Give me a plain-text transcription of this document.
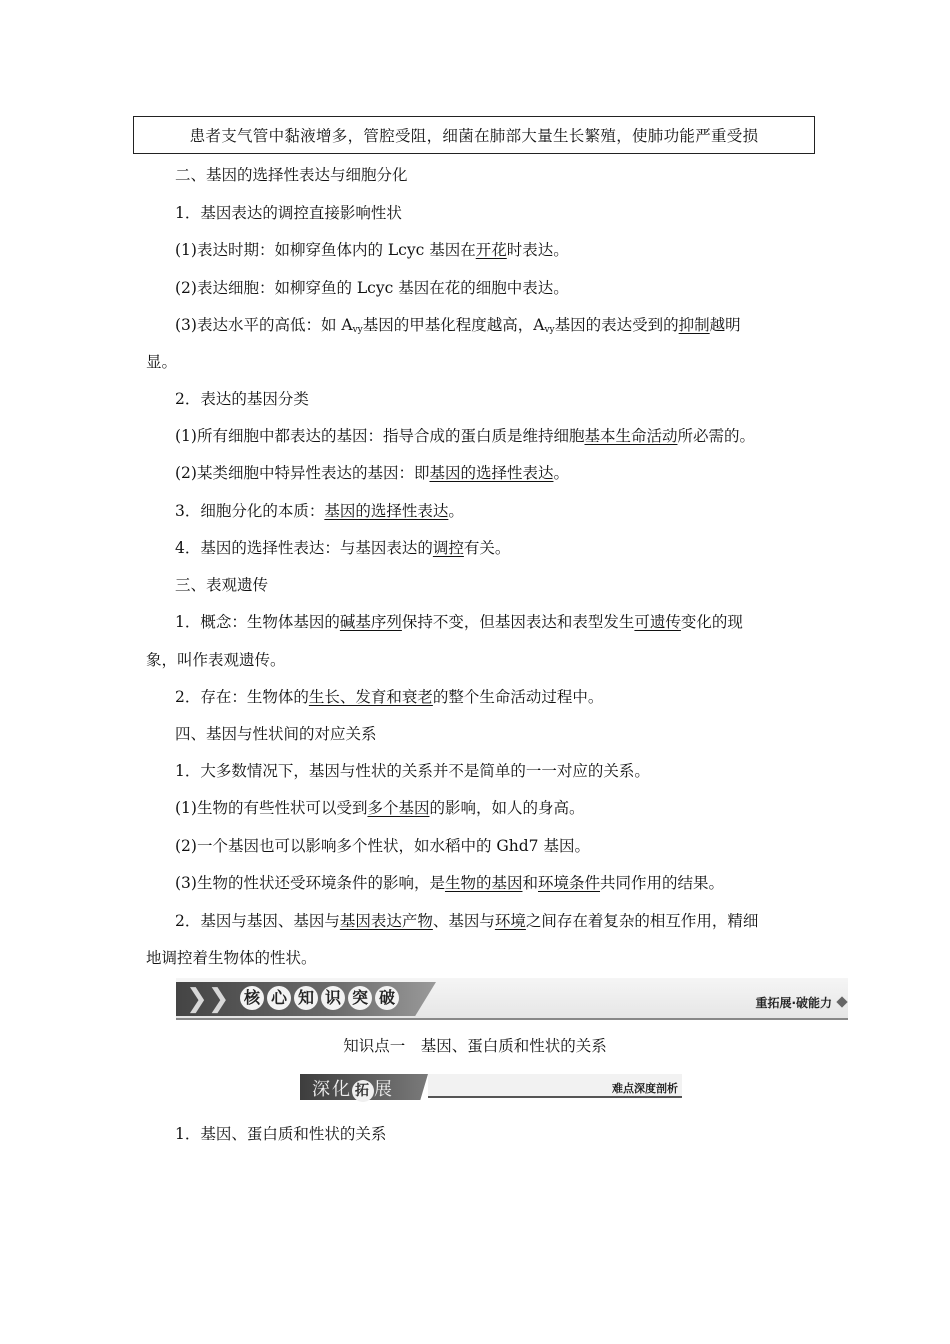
患者支气管中黏液增多，管腔受阻，细菌在肺部大量生长繁殖，使肺功能严重受损
二、基因的选择性表达与细胞分化
1．基因表达的调控直接影响性状
(1)表达时期：如柳穿鱼体内的 Lcyc 基因在开花时表达。
(2)表达细胞：如柳穿鱼的 Lcyc 基因在花的细胞中表达。
(3)表达水平的高低：如 Avy基因的甲基化程度越高，Avy基因的表达受到的抑制越明
显。
2．表达的基因分类
(1)所有细胞中都表达的基因：指导合成的蛋白质是维持细胞基本生命活动所必需的。
(2)某类细胞中特异性表达的基因：即基因的选择性表达。
3．细胞分化的本质：基因的选择性表达。
4．基因的选择性表达：与基因表达的调控有关。
三、表观遗传
1．概念：生物体基因的碱基序列保持不变，但基因表达和表型发生可遗传变化的现
象，叫作表观遗传。
2．存在：生物体的生长、发育和衰老的整个生命活动过程中。
四、基因与性状间的对应关系
1．大多数情况下，基因与性状的关系并不是简单的一一对应的关系。
(1)生物的有些性状可以受到多个基因的影响，如人的身高。
(2)一个基因也可以影响多个性状，如水稻中的 Ghd7 基因。
(3)生物的性状还受环境条件的影响，是生物的基因和环境条件共同作用的结果。
2．基因与基因、基因与基因表达产物、基因与环境之间存在着复杂的相互作用，精细
地调控着生物体的性状。
❯❯ 核 心 知 识 突 破	重拓展·破能力
知识点一　基因、蛋白质和性状的关系
深化 拓 展	难点深度剖析
1．基因、蛋白质和性状的关系
